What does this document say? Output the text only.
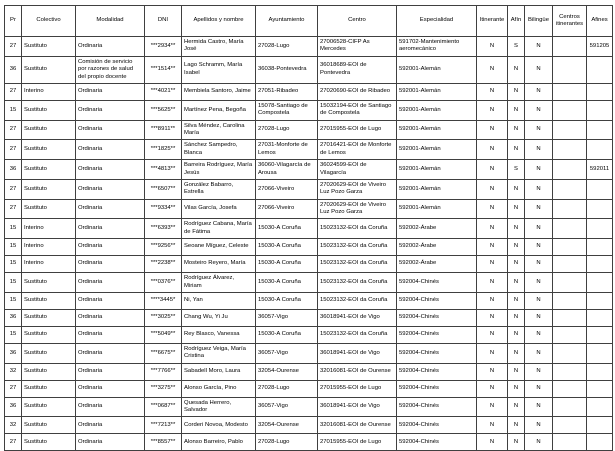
Pr	Colectivo	Modalidad	DNI	Apellidos y nombre	Ayuntamiento	Centro	Especialidad	Itinerante	Afín	Bilingüe	Centros itinerantes	Afines
27	Sustituto	Ordinaria	***2934**	Hermida Castro, María José	27028-Lugo	27006528-CIFP As Mercedes	591702-Mantenimiento aeromecánico	N	S	N		591205
36	Sustituto	Comisión de servicio por razones de salud del propio docente	***1514**	Lago Schramm, María Isabel	36038-Pontevedra	36018689-EOI de Pontevedra	592001-Alemán	N	N	N		
27	Interino	Ordinaria	***4021**	Membiela Santoro, Jaime	27051-Ribadeo	27020690-EOI de Ribadeo	592001-Alemán	N	N	N		
15	Sustituto	Ordinaria	***5625**	Martínez Pena, Begoña	15078-Santiago de Compostela	15032194-EOI de Santiago de Compostela	592001-Alemán	N	N	N		
27	Sustituto	Ordinaria	***8911**	Silva Méndez, Carolina María	27028-Lugo	27015955-EOI de Lugo	592001-Alemán	N	N	N		
27	Sustituto	Ordinaria	***1825**	Sánchez Sampedro, Blanca	27031-Monforte de Lemos	27016421-EOI de Monforte de Lemos	592001-Alemán	N	N	N		
36	Sustituto	Ordinaria	***4813**	Barreira Rodríguez, María Jesús	36060-Vilagarcía de Arousa	36024599-EOI de Vilagarcía	592001-Alemán	N	S	N		592011
27	Sustituto	Ordinaria	***6507**	González Babarro, Estrella	27066-Viveiro	27020629-EOI de Viveiro Luz Pozo Garza	592001-Alemán	N	N	N		
27	Sustituto	Ordinaria	***9334**	Vilas García, Josefa	27066-Viveiro	27020629-EOI de Viveiro Luz Pozo Garza	592001-Alemán	N	N	N		
15	Interino	Ordinaria	***6393**	Rodríguez Cabana, María de Fátima	15030-A Coruña	15023132-EOI da Coruña	592002-Árabe	N	N	N		
15	Interino	Ordinaria	***9256**	Seoane Míguez, Celeste	15030-A Coruña	15023132-EOI da Coruña	592002-Árabe	N	N	N		
15	Interino	Ordinaria	***2238**	Mosteiro Reyero, María	15030-A Coruña	15023132-EOI da Coruña	592002-Árabe	N	N	N		
15	Sustituto	Ordinaria	***0376**	Rodríguez Álvarez, Miriam	15030-A Coruña	15023132-EOI da Coruña	592004-Chinés	N	N	N		
15	Sustituto	Ordinaria	****3445*	Ni, Yan	15030-A Coruña	15023132-EOI da Coruña	592004-Chinés	N	N	N		
36	Sustituto	Ordinaria	***3025**	Chang Wu, Yi Ju	36057-Vigo	36018941-EOI de Vigo	592004-Chinés	N	N	N		
15	Sustituto	Ordinaria	***5049**	Rey Blasco, Vanessa	15030-A Coruña	15023132-EOI da Coruña	592004-Chinés	N	N	N		
36	Sustituto	Ordinaria	***6675**	Rodríguez Veiga, María Cristina	36057-Vigo	36018941-EOI de Vigo	592004-Chinés	N	N	N		
32	Sustituto	Ordinaria	***7766**	Sabadell Moro, Laura	32054-Ourense	32016081-EOI de Ourense	592004-Chinés	N	N	N		
27	Sustituto	Ordinaria	***3275**	Alonso García, Pino	27028-Lugo	27015955-EOI de Lugo	592004-Chinés	N	N	N		
36	Sustituto	Ordinaria	***0687**	Quesada Herrero, Salvador	36057-Vigo	36018941-EOI de Vigo	592004-Chinés	N	N	N		
32	Sustituto	Ordinaria	***7213**	Corderi Novoa, Modesto	32054-Ourense	32016081-EOI de Ourense	592004-Chinés	N	N	N		
27	Sustituto	Ordinaria	***8557**	Alonso Barreiro, Pablo	27028-Lugo	27015955-EOI de Lugo	592004-Chinés	N	N	N		
